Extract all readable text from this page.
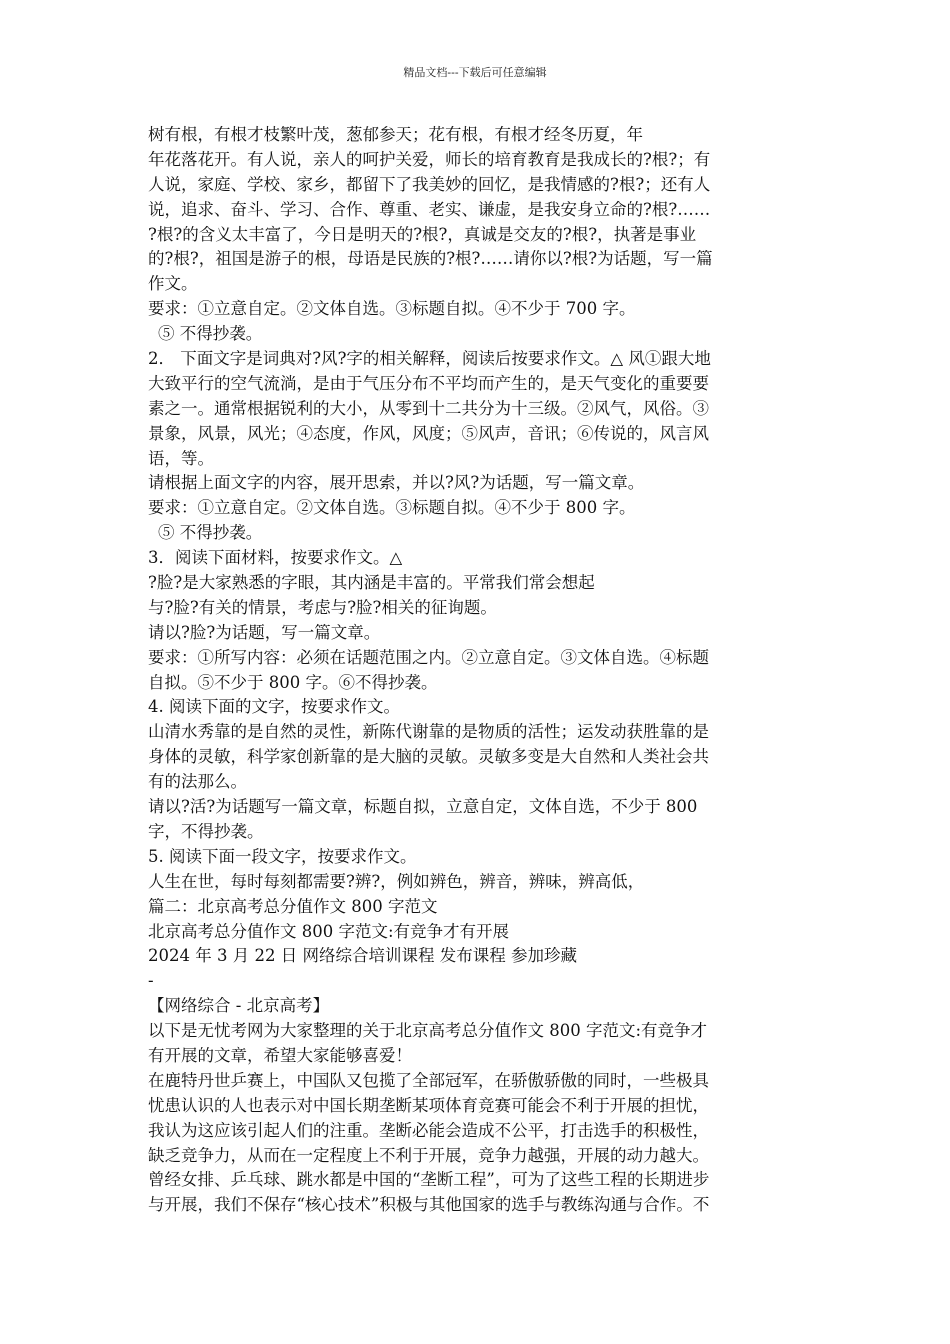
精品文档---下载后可任意编辑
树有根，有根才枝繁叶茂，葱郁参天；花有根，有根才经冬历夏，年
年花落花开。有人说，亲人的呵护关爱，师长的培育教育是我成长的?根?；有
人说，家庭、学校、家乡，都留下了我美妙的回忆，是我情感的?根?；还有人
说，追求、奋斗、学习、合作、尊重、老实、谦虚，是我安身立命的?根?……
?根?的含义太丰富了，今日是明天的?根?，真诚是交友的?根?，执著是事业
的?根?，祖国是游子的根，母语是民族的?根?……请你以?根?为话题，写一篇
作文。
要求：①立意自定。②文体自选。③标题自拟。④不少于 700 字。
⑤ 不得抄袭。
2． 下面文字是词典对?风?字的相关解释，阅读后按要求作文。△ 风①跟大地
大致平行的空气流淌，是由于气压分布不平均而产生的，是天气变化的重要要
素之一。通常根据锐利的大小，从零到十二共分为十三级。②风气，风俗。③
景象，风景，风光；④态度，作风，风度；⑤风声，音讯；⑥传说的，风言风
语，等。
请根据上面文字的内容，展开思索，并以?风?为话题，写一篇文章。
要求：①立意自定。②文体自选。③标题自拟。④不少于 800 字。
⑤ 不得抄袭。
3．阅读下面材料，按要求作文。△
?脸?是大家熟悉的字眼，其内涵是丰富的。平常我们常会想起
与?脸?有关的情景，考虑与?脸?相关的征询题。
请以?脸?为话题，写一篇文章。
要求：①所写内容：必须在话题范围之内。②立意自定。③文体自选。④标题
自拟。⑤不少于 800 字。⑥不得抄袭。
4. 阅读下面的文字，按要求作文。
山清水秀靠的是自然的灵性，新陈代谢靠的是物质的活性；运发动获胜靠的是
身体的灵敏，科学家创新靠的是大脑的灵敏。灵敏多变是大自然和人类社会共
有的法那么。
请以?活?为话题写一篇文章，标题自拟，立意自定，文体自选，不少于 800
字，不得抄袭。
5. 阅读下面一段文字，按要求作文。
人生在世，每时每刻都需要?辨?，例如辨色，辨音，辨味，辨高低，
篇二：北京高考总分值作文 800 字范文
北京高考总分值作文 800 字范文:有竞争才有开展
2024 年 3 月 22 日 网络综合培训课程 发布课程 参加珍藏
-
【网络综合 - 北京高考】
以下是无忧考网为大家整理的关于北京高考总分值作文 800 字范文:有竞争才
有开展的文章，希望大家能够喜爱！
在鹿特丹世乒赛上，中国队又包揽了全部冠军，在骄傲骄傲的同时，一些极具
忧患认识的人也表示对中国长期垄断某项体育竞赛可能会不利于开展的担忧，
我认为这应该引起人们的注重。垄断必能会造成不公平，打击选手的积极性，
缺乏竞争力，从而在一定程度上不利于开展，竞争力越强，开展的动力越大。
曾经女排、乒乓球、跳水都是中国的“垄断工程”，可为了这些工程的长期进步
与开展，我们不保存“核心技术”积极与其他国家的选手与教练沟通与合作。不
